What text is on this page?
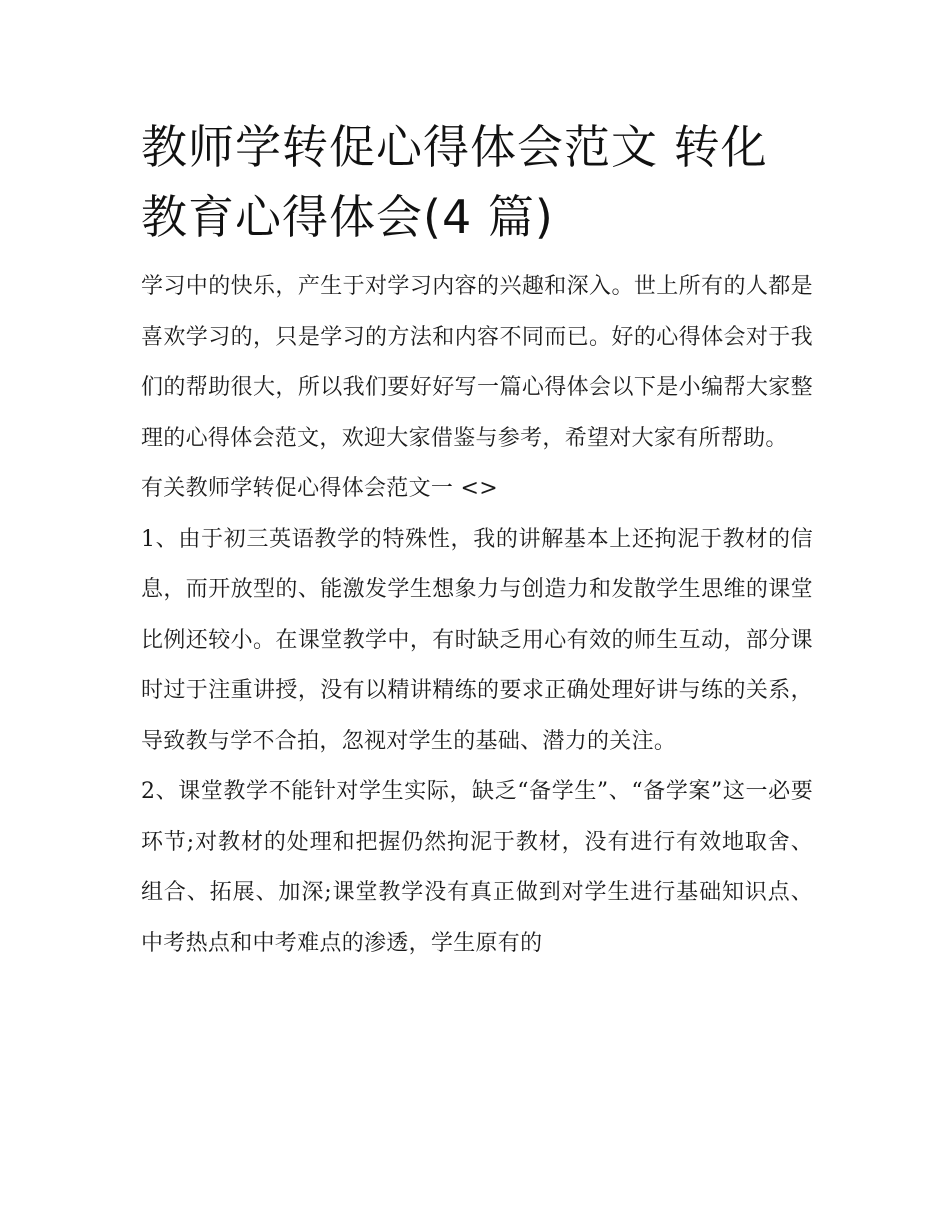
教师学转促心得体会范文 转化教育心得体会(4 篇)

学习中的快乐，产生于对学习内容的兴趣和深入。世上所有的人都是喜欢学习的，只是学习的方法和内容不同而已。好的心得体会对于我们的帮助很大，所以我们要好好写一篇心得体会以下是小编帮大家整理的心得体会范文，欢迎大家借鉴与参考，希望对大家有所帮助。

有关教师学转促心得体会范文一 <>

1、由于初三英语教学的特殊性，我的讲解基本上还拘泥于教材的信息，而开放型的、能激发学生想象力与创造力和发散学生思维的课堂比例还较小。在课堂教学中，有时缺乏用心有效的师生互动，部分课时过于注重讲授，没有以精讲精练的要求正确处理好讲与练的关系，导致教与学不合拍，忽视对学生的基础、潜力的关注。

2、课堂教学不能针对学生实际，缺乏“备学生”、“备学案”这一必要环节;对教材的处理和把握仍然拘泥于教材，没有进行有效地取舍、组合、拓展、加深;课堂教学没有真正做到对学生进行基础知识点、中考热点和中考难点的渗透，学生原有的
